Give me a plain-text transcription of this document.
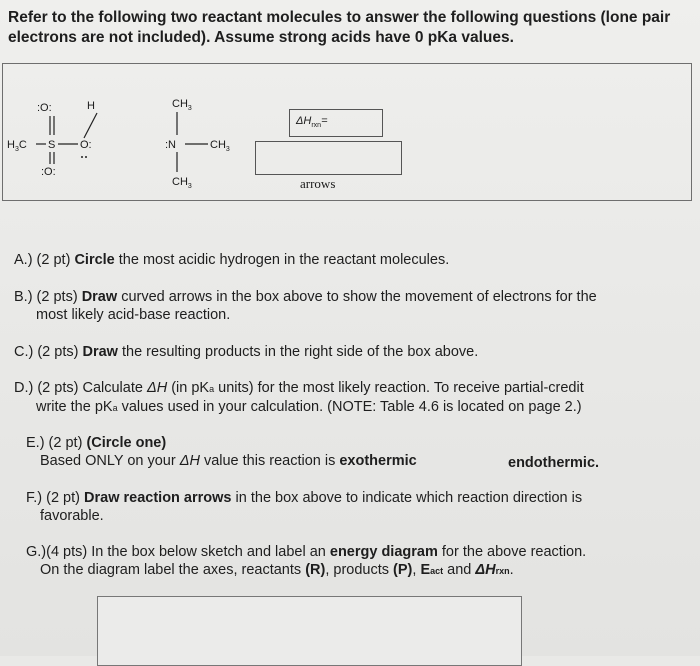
Refer to the following two reactant molecules to answer the following questions (lone pair electrons are not included). Assume strong acids have 0 pKa values.
:O:	H
$H_3C$ S O:
:O:
$CH_3$
:N	$CH_3$
$CH_3$
$\Delta H_{rxn}=$
arrows
A.) (2 pt) Circle the most acidic hydrogen in the reactant molecules.
B.) (2 pts) Draw curved arrows in the box above to show the movement of electrons for the
most likely acid-base reaction.
C.) (2 pts) Draw the resulting products in the right side of the box above.
D.) (2 pts) Calculate ΔH (in pKa units) for the most likely reaction. To receive partial-credit
write the pKa values used in your calculation. (NOTE: Table 4.6 is located on page 2.)
E.) (2 pt) (Circle one)
Based ONLY on your ΔH value this reaction is exothermic	endothermic.
F.) (2 pt) Draw reaction arrows in the box above to indicate which reaction direction is
favorable.
G.)(4 pts) In the box below sketch and label an energy diagram for the above reaction.
On the diagram label the axes, reactants (R), products (P), Eact and ΔHrxn.
